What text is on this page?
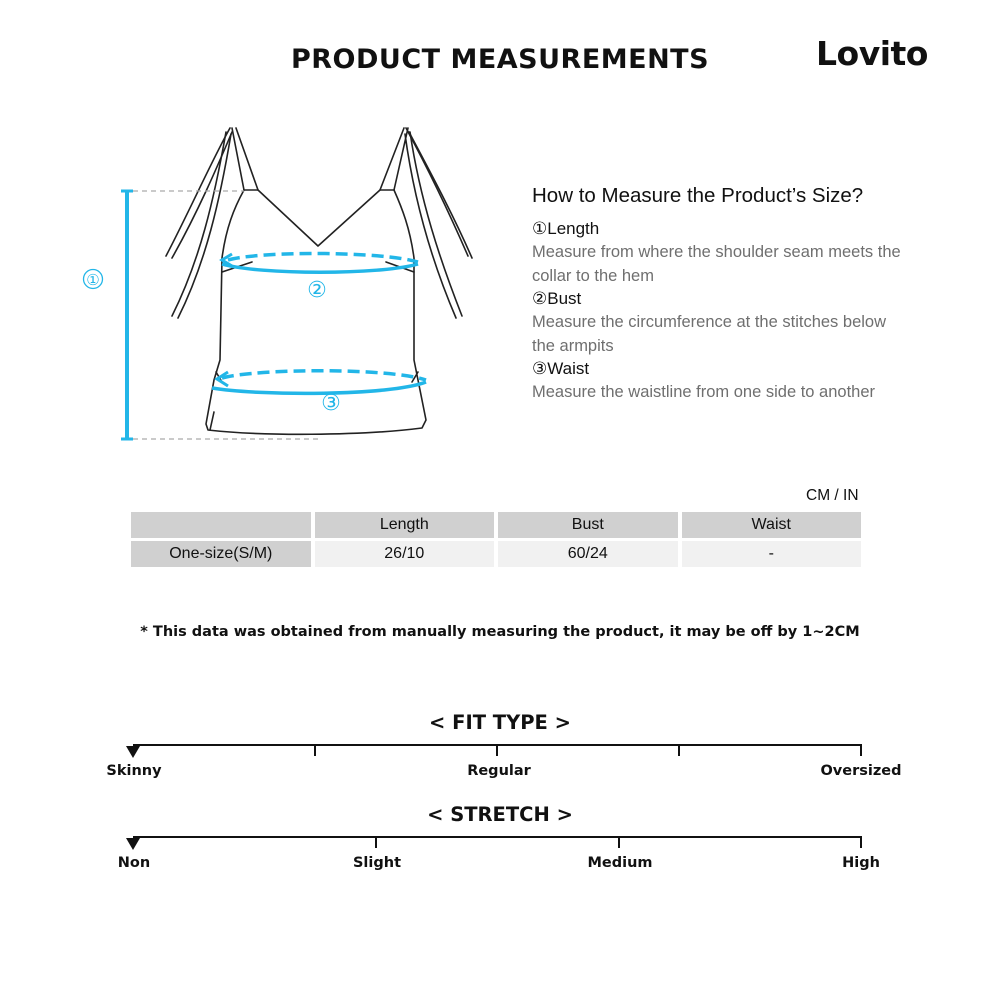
PRODUCT MEASUREMENTS	Lovito
①	②
③
How to Measure the Product’s Size?
①Length
Measure from where the shoulder seam meets the collar to the hem
②Bust
Measure the circumference at the stitches below the armpits
③Waist
Measure the waistline from one side to another
CM / IN
	Length	Bust	Waist
One-size(S/M)	26/10	60/24	-
* This data was obtained from manually measuring the product, it may be off by 1~2CM
< FIT TYPE >
Skinny	Regular	Oversized
< STRETCH >
Non	Slight	Medium	High
